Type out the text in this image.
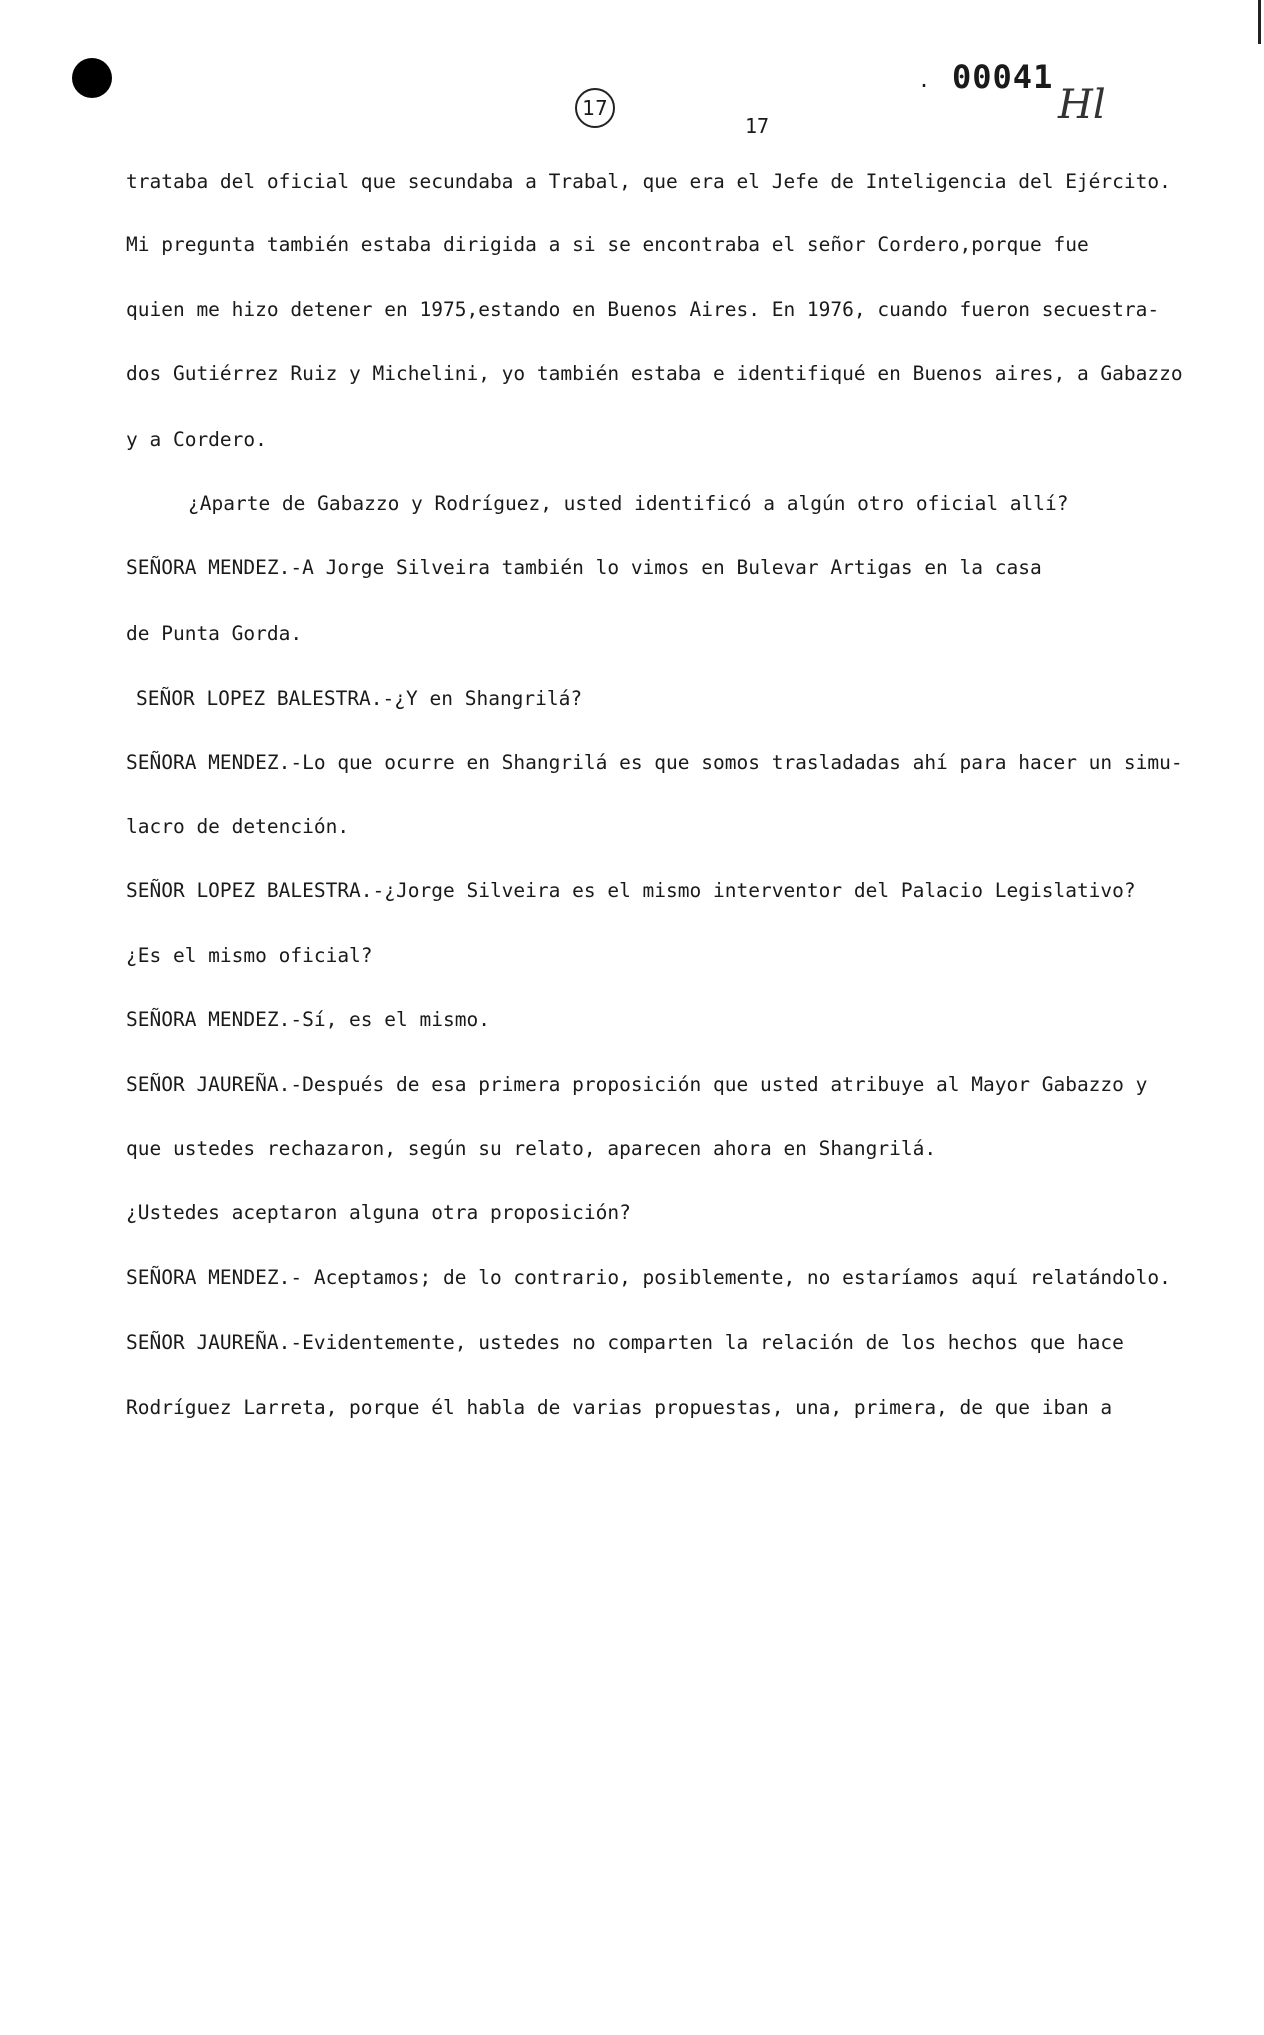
17
17
. 00041
Hl
trataba del oficial que secundaba a Trabal, que era el Jefe de Inteligencia del Ejército.
Mi pregunta también estaba dirigida a si se encontraba el señor Cordero,porque fue
quien me hizo detener en 1975,estando en Buenos Aires. En 1976, cuando fueron secuestra-
dos Gutiérrez Ruiz y Michelini, yo también estaba e identifiqué en Buenos aires, a Gabazzo
y a Cordero.
¿Aparte de Gabazzo y Rodríguez, usted identificó a algún otro oficial allí?
SEÑORA MENDEZ.-A Jorge Silveira también lo vimos en Bulevar Artigas en la casa
de Punta Gorda.
SEÑOR LOPEZ BALESTRA.-¿Y en Shangrilá?
SEÑORA MENDEZ.-Lo que ocurre en Shangrilá es que somos trasladadas ahí para hacer un simu-
lacro de detención.
SEÑOR LOPEZ BALESTRA.-¿Jorge Silveira es el mismo interventor del Palacio Legislativo?
¿Es el mismo oficial?
SEÑORA MENDEZ.-Sí, es el mismo.
SEÑOR JAUREÑA.-Después de esa primera proposición que usted atribuye al Mayor Gabazzo y
que ustedes rechazaron, según su relato, aparecen ahora en Shangrilá.
¿Ustedes aceptaron alguna otra proposición?
SEÑORA MENDEZ.- Aceptamos; de lo contrario, posiblemente, no estaríamos aquí relatándolo.
SEÑOR JAUREÑA.-Evidentemente, ustedes no comparten la relación de los hechos que hace
Rodríguez Larreta, porque él habla de varias propuestas, una, primera, de que iban a
